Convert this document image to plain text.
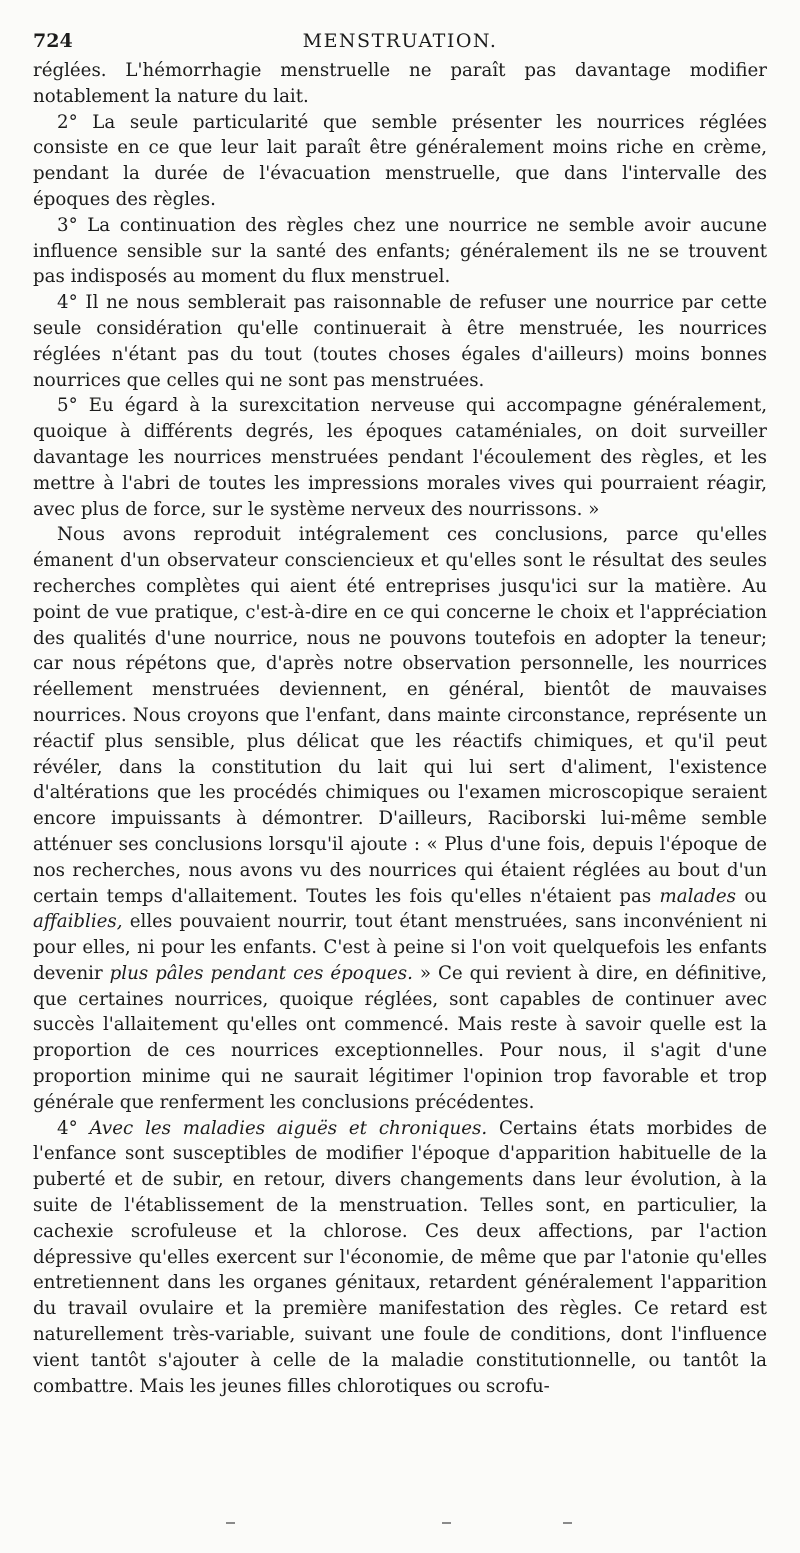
724	MENSTRUATION.

réglées. L'hémorrhagie menstruelle ne paraît pas davantage modifier notablement la nature du lait.

2° La seule particularité que semble présenter les nourrices réglées consiste en ce que leur lait paraît être généralement moins riche en crème, pendant la durée de l'évacuation menstruelle, que dans l'intervalle des époques des règles.

3° La continuation des règles chez une nourrice ne semble avoir aucune influence sensible sur la santé des enfants; généralement ils ne se trouvent pas indisposés au moment du flux menstruel.

4° Il ne nous semblerait pas raisonnable de refuser une nourrice par cette seule considération qu'elle continuerait à être menstruée, les nourrices réglées n'étant pas du tout (toutes choses égales d'ailleurs) moins bonnes nourrices que celles qui ne sont pas menstruées.

5° Eu égard à la surexcitation nerveuse qui accompagne généralement, quoique à différents degrés, les époques cataméniales, on doit surveiller davantage les nourrices menstruées pendant l'écoulement des règles, et les mettre à l'abri de toutes les impressions morales vives qui pourraient réagir, avec plus de force, sur le système nerveux des nourrissons. »

Nous avons reproduit intégralement ces conclusions, parce qu'elles émanent d'un observateur consciencieux et qu'elles sont le résultat des seules recherches complètes qui aient été entreprises jusqu'ici sur la matière. Au point de vue pratique, c'est-à-dire en ce qui concerne le choix et l'appréciation des qualités d'une nourrice, nous ne pouvons toutefois en adopter la teneur; car nous répétons que, d'après notre observation personnelle, les nourrices réellement menstruées deviennent, en général, bientôt de mauvaises nourrices. Nous croyons que l'enfant, dans mainte circonstance, représente un réactif plus sensible, plus délicat que les réactifs chimiques, et qu'il peut révéler, dans la constitution du lait qui lui sert d'aliment, l'existence d'altérations que les procédés chimiques ou l'examen microscopique seraient encore impuissants à démontrer. D'ailleurs, Raciborski lui-même semble atténuer ses conclusions lorsqu'il ajoute : « Plus d'une fois, depuis l'époque de nos recherches, nous avons vu des nourrices qui étaient réglées au bout d'un certain temps d'allaitement. Toutes les fois qu'elles n'étaient pas malades ou affaiblies, elles pouvaient nourrir, tout étant menstruées, sans inconvénient ni pour elles, ni pour les enfants. C'est à peine si l'on voit quelquefois les enfants devenir plus pâles pendant ces époques. » Ce qui revient à dire, en définitive, que certaines nourrices, quoique réglées, sont capables de continuer avec succès l'allaitement qu'elles ont commencé. Mais reste à savoir quelle est la proportion de ces nourrices exceptionnelles. Pour nous, il s'agit d'une proportion minime qui ne saurait légitimer l'opinion trop favorable et trop générale que renferment les conclusions précédentes.

4° Avec les maladies aiguës et chroniques. Certains états morbides de l'enfance sont susceptibles de modifier l'époque d'apparition habituelle de la puberté et de subir, en retour, divers changements dans leur évolution, à la suite de l'établissement de la menstruation. Telles sont, en particulier, la cachexie scrofuleuse et la chlorose. Ces deux affections, par l'action dépressive qu'elles exercent sur l'économie, de même que par l'atonie qu'elles entretiennent dans les organes génitaux, retardent généralement l'apparition du travail ovulaire et la première manifestation des règles. Ce retard est naturellement très-variable, suivant une foule de conditions, dont l'influence vient tantôt s'ajouter à celle de la maladie constitutionnelle, ou tantôt la combattre. Mais les jeunes filles chlorotiques ou scrofu-
